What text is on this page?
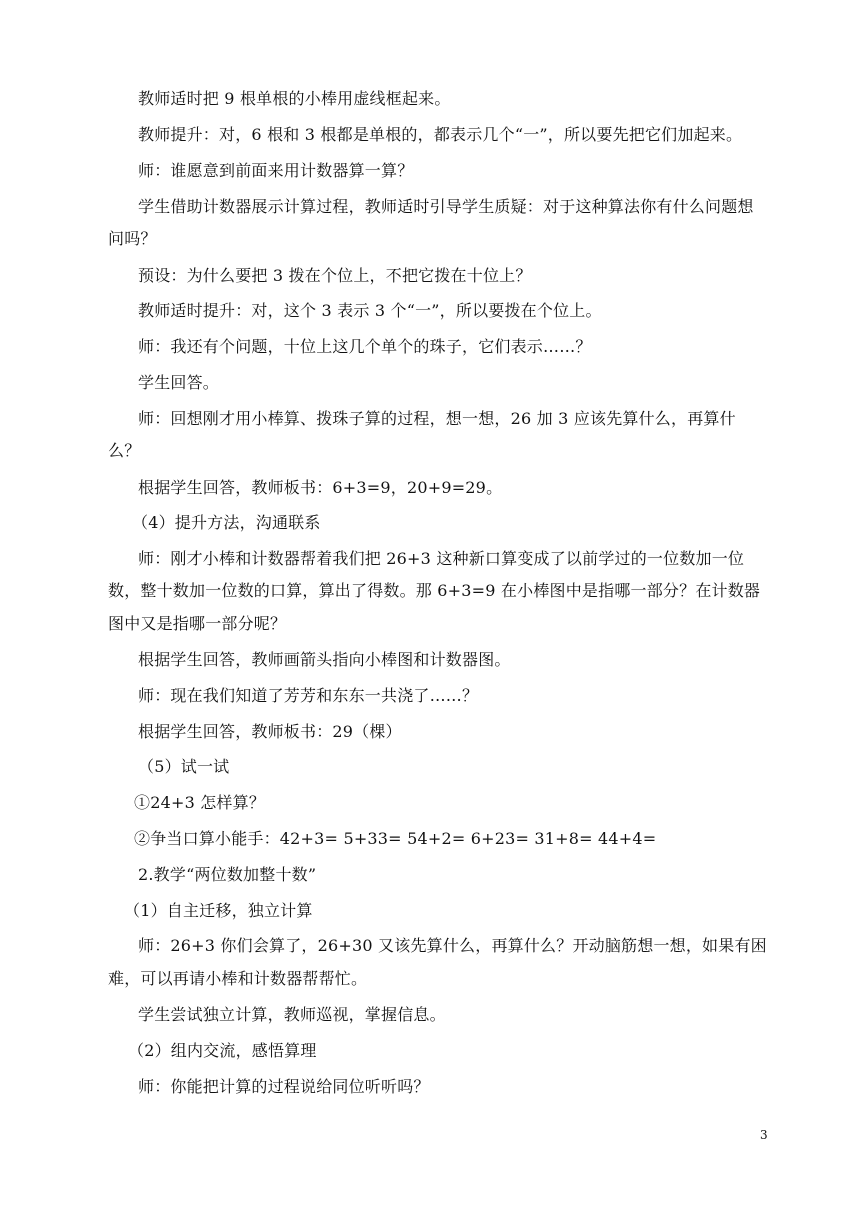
教师适时把 9 根单根的小棒用虚线框起来。

教师提升：对，6 根和 3 根都是单根的，都表示几个“一”，所以要先把它们加起来。

师：谁愿意到前面来用计数器算一算？

学生借助计数器展示计算过程，教师适时引导学生质疑：对于这种算法你有什么问题想问吗？

预设：为什么要把 3 拨在个位上，不把它拨在十位上？

教师适时提升：对，这个 3 表示 3 个“一”，所以要拨在个位上。

师：我还有个问题，十位上这几个单个的珠子，它们表示……？

学生回答。

师：回想刚才用小棒算、拨珠子算的过程，想一想，26 加 3 应该先算什么，再算什么？

根据学生回答，教师板书：6+3=9，20+9=29。

（4）提升方法，沟通联系

师：刚才小棒和计数器帮着我们把 26+3 这种新口算变成了以前学过的一位数加一位数，整十数加一位数的口算，算出了得数。那 6+3=9 在小棒图中是指哪一部分？在计数器图中又是指哪一部分呢？

根据学生回答，教师画箭头指向小棒图和计数器图。

师：现在我们知道了芳芳和东东一共浇了……？

根据学生回答，教师板书：29（棵）

（5）试一试

①24+3 怎样算？

②争当口算小能手：42+3= 5+33= 54+2= 6+23= 31+8= 44+4=

2.教学“两位数加整十数”

（1）自主迁移，独立计算

师：26+3 你们会算了，26+30 又该先算什么，再算什么？开动脑筋想一想，如果有困难，可以再请小棒和计数器帮帮忙。

学生尝试独立计算，教师巡视，掌握信息。

（2）组内交流，感悟算理

师：你能把计算的过程说给同位听听吗？

3
